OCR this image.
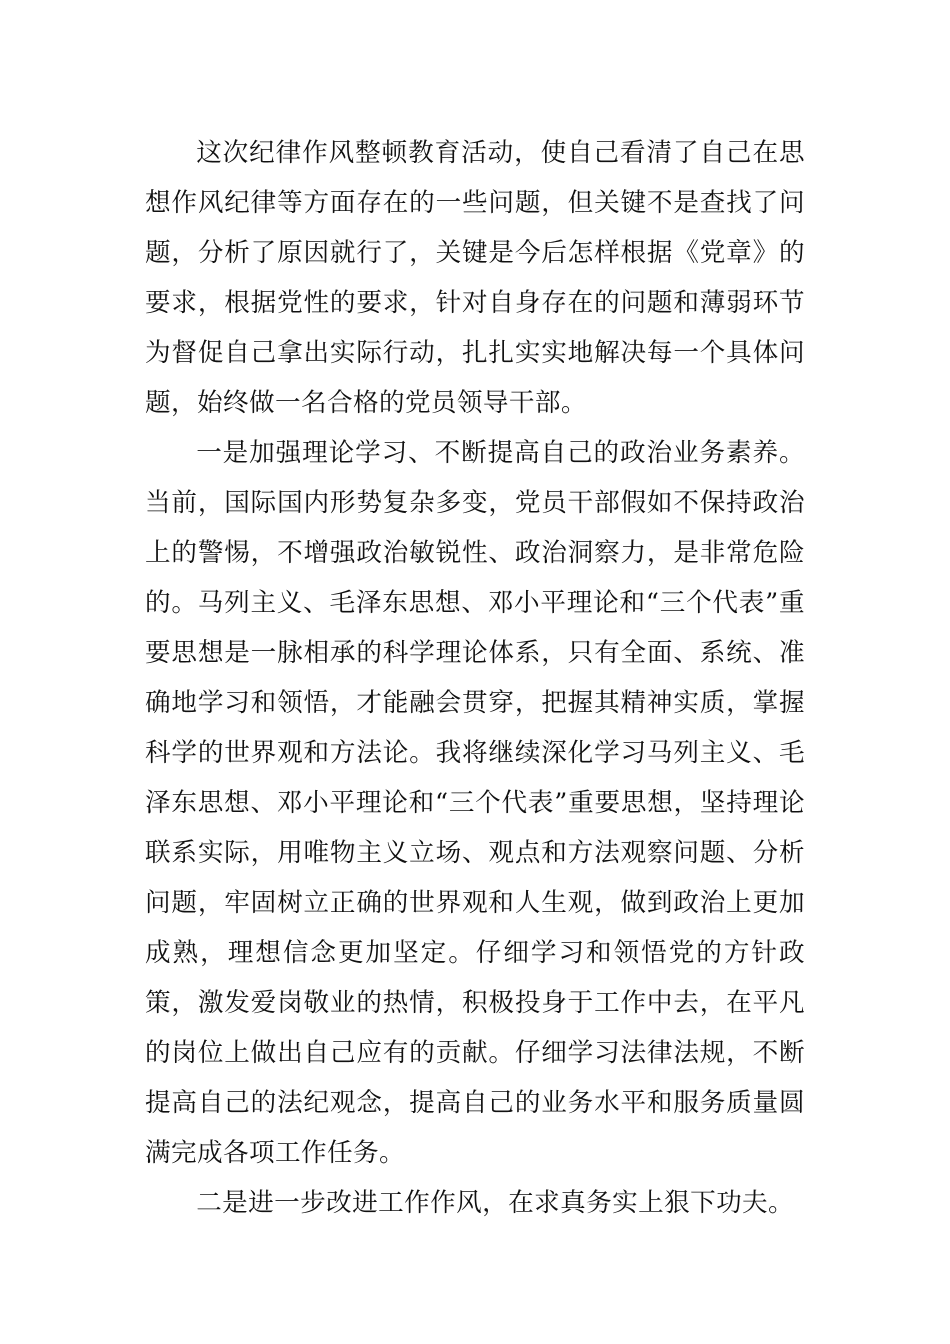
这次纪律作风整顿教育活动，使自己看清了自己在思想作风纪律等方面存在的一些问题，但关键不是查找了问题，分析了原因就行了，关键是今后怎样根据《党章》的要求，根据党性的要求，针对自身存在的问题和薄弱环节为督促自己拿出实际行动，扎扎实实地解决每一个具体问题，始终做一名合格的党员领导干部。

一是加强理论学习、不断提高自己的政治业务素养。当前，国际国内形势复杂多变，党员干部假如不保持政治上的警惕，不增强政治敏锐性、政治洞察力，是非常危险的。马列主义、毛泽东思想、邓小平理论和“三个代表”重要思想是一脉相承的科学理论体系，只有全面、系统、准确地学习和领悟，才能融会贯穿，把握其精神实质，掌握科学的世界观和方法论。我将继续深化学习马列主义、毛泽东思想、邓小平理论和“三个代表”重要思想，坚持理论联系实际，用唯物主义立场、观点和方法观察问题、分析问题，牢固树立正确的世界观和人生观，做到政治上更加成熟，理想信念更加坚定。仔细学习和领悟党的方针政策，激发爱岗敬业的热情，积极投身于工作中去，在平凡的岗位上做出自己应有的贡献。仔细学习法律法规，不断提高自己的法纪观念，提高自己的业务水平和服务质量圆满完成各项工作任务。

二是进一步改进工作作风，在求真务实上狠下功夫。
